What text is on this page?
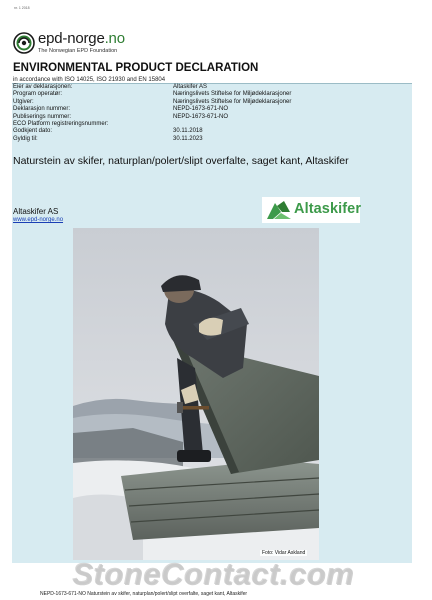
nr. 1 2018
epd-norge.no
The Norwegian EPD Foundation
ENVIRONMENTAL PRODUCT DECLARATION
in accordance with ISO 14025, ISO 21930 and EN 15804
Eier av deklarasjonen:	Altaskifer AS
Program operatør:	Næringslivets Stiftelse for Miljødeklarasjoner
Utgiver:	Næringslivets Stiftelse for Miljødeklarasjoner
Deklarasjon nummer:	NEPD-1673-671-NO
Publiserings nummer:	NEPD-1673-671-NO
ECO Platform registreringsnummer:	
Godkjent dato:	30.11.2018
Gyldig til:	30.11.2023
Naturstein av skifer, naturplan/polert/slipt overfalte, saget kant, Altaskifer
Altaskifer AS
www.epd-norge.no
Altaskifer
Foto: Vidar Askland
StoneContact.com
NEPD-1673-671-NO Naturstein av skifer, naturplan/polert/slipt overfalte, saget kant, Altaskifer
